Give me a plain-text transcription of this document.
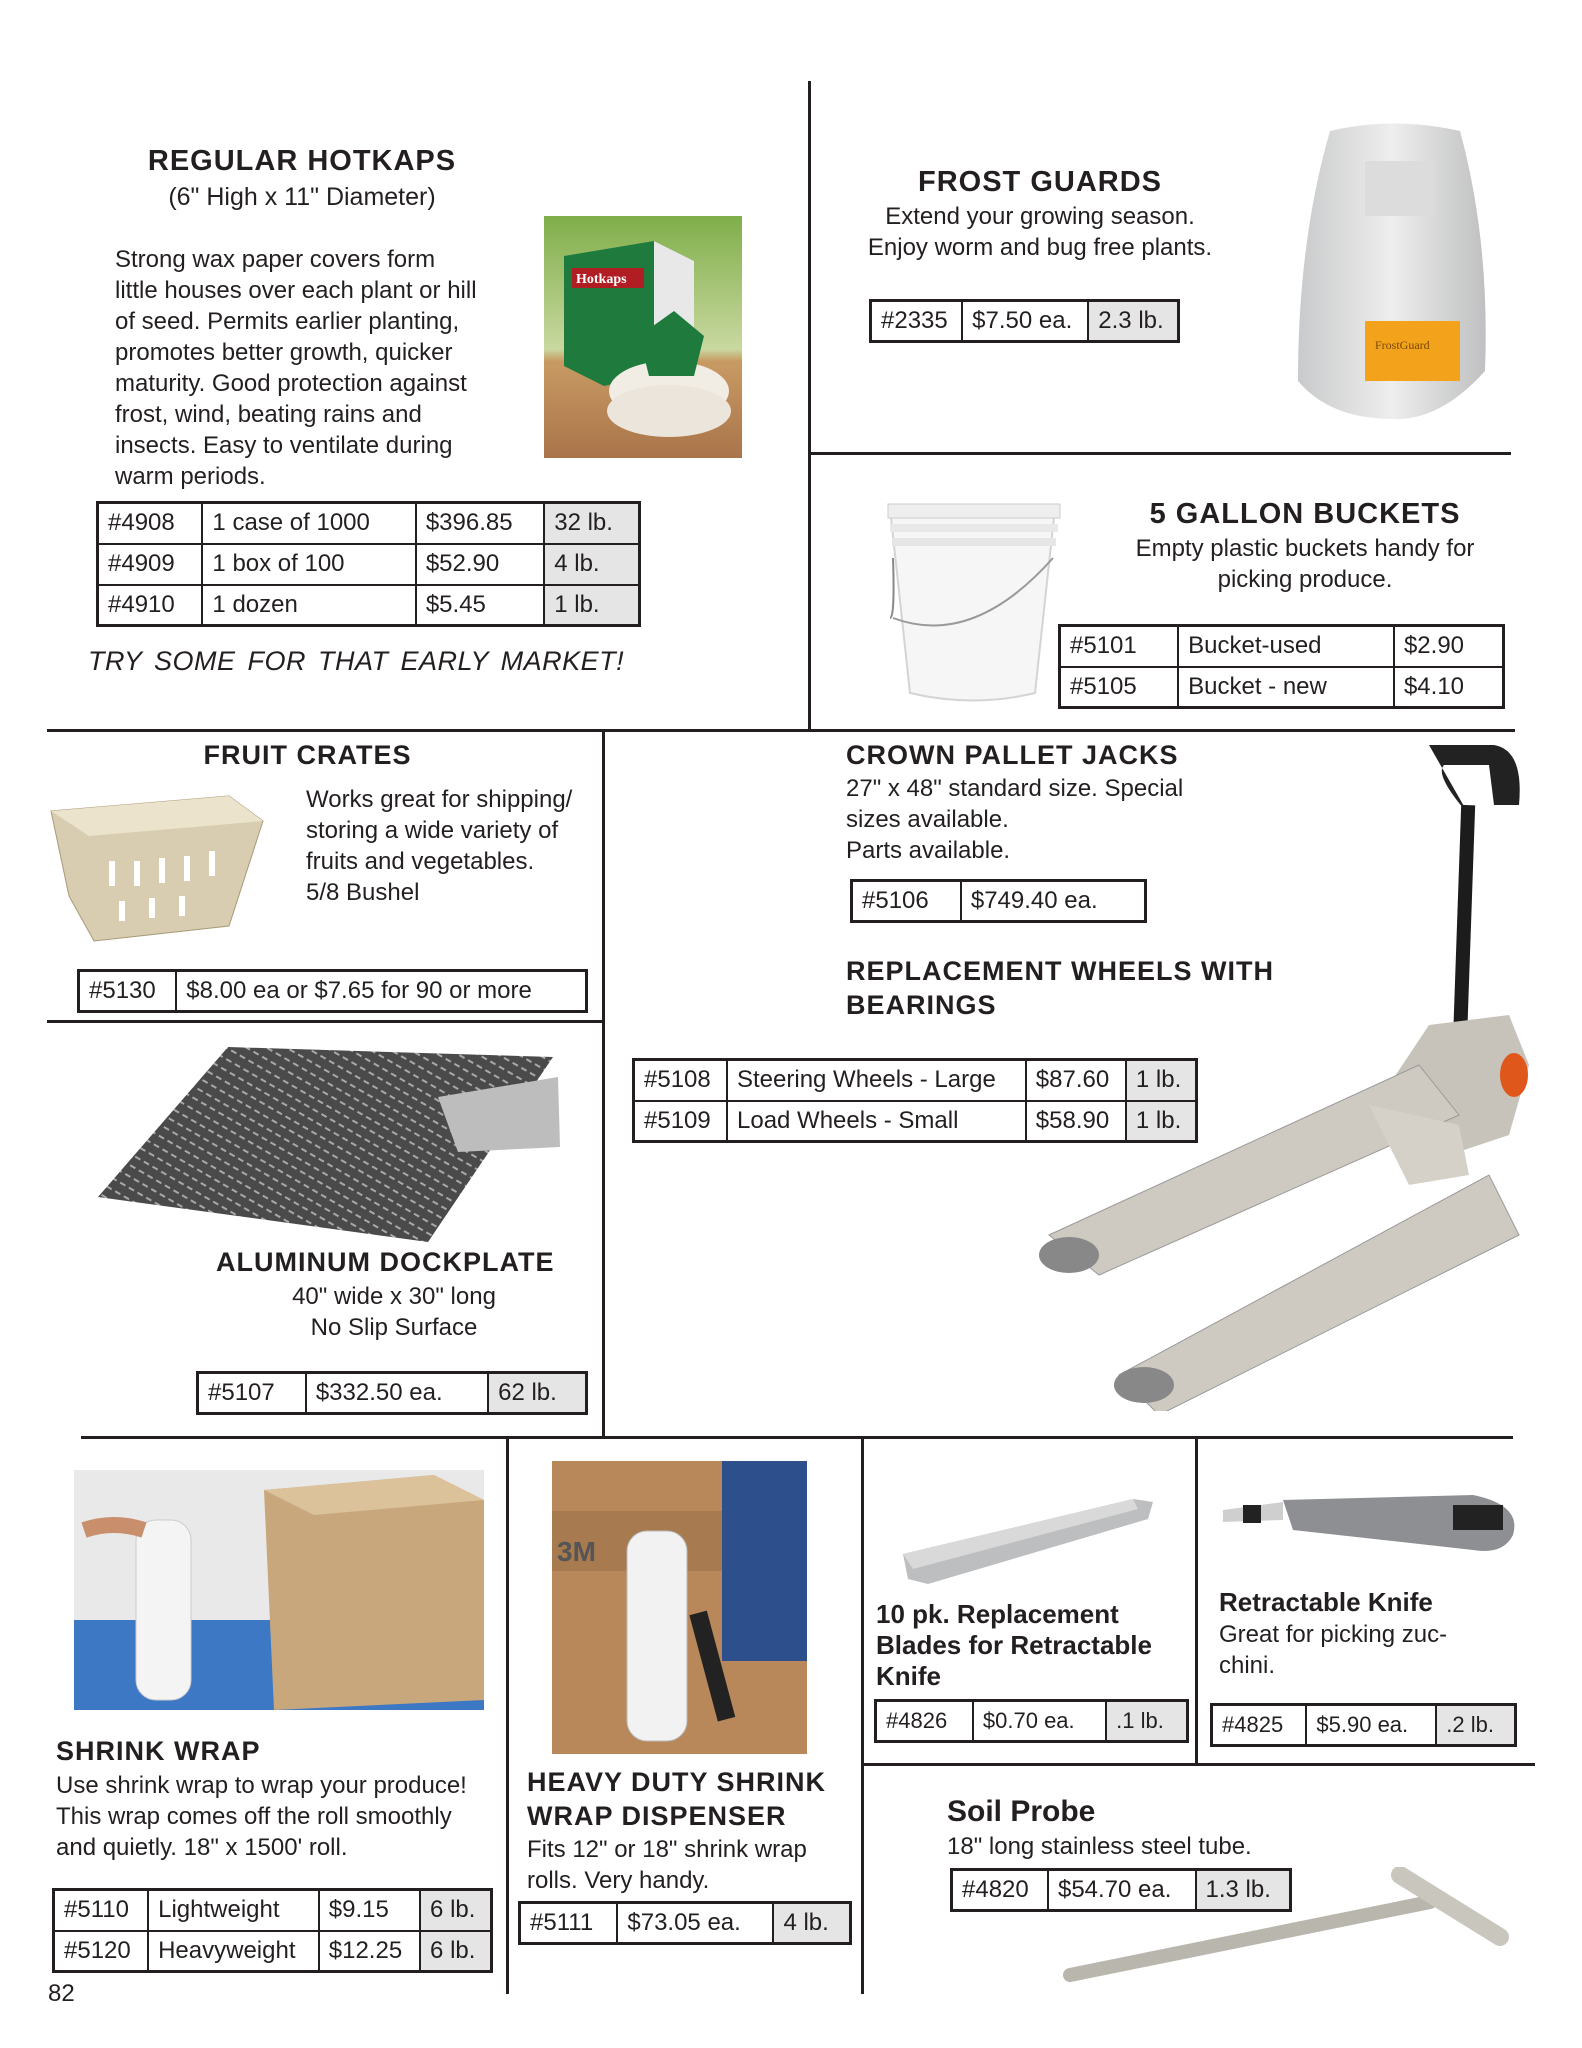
REGULAR HOTKAPS
(6" High x 11" Diameter)
Strong wax paper covers form
little houses over each plant or hill
of seed. Permits earlier planting,
promotes better growth, quicker
maturity. Good protection against
frost, wind, beating rains and
insects. Easy to ventilate during
warm periods.
Hotkaps
#4908	1 case of 1000	$396.85	32 lb.
#4909	1 box of 100	$52.90	4 lb.
#4910	1 dozen	$5.45	1 lb.
TRY SOME FOR THAT EARLY MARKET!
FROST GUARDS
Extend your growing season.
Enjoy worm and bug free plants.
#2335	$7.50 ea.	2.3 lb.
FrostGuard
5 GALLON BUCKETS
Empty plastic buckets handy for
picking produce.
#5101	Bucket-used	$2.90
#5105	Bucket - new	$4.10
FRUIT CRATES
Works great for shipping/
storing a wide variety of
fruits and vegetables.
5/8 Bushel
#5130	$8.00 ea or $7.65 for 90 or more
CROWN PALLET JACKS
27" x 48" standard size. Special
sizes available.
Parts available.
#5106	$749.40 ea.
REPLACEMENT WHEELS WITH
BEARINGS
#5108	Steering Wheels - Large	$87.60	1 lb.
#5109	Load Wheels - Small	$58.90	1 lb.
ALUMINUM DOCKPLATE
40" wide x 30" long
No Slip Surface
#5107	$332.50 ea.	62 lb.
SHRINK WRAP
Use shrink wrap to wrap your produce!
This wrap comes off the roll smoothly
and quietly. 18" x 1500' roll.
#5110	Lightweight	$9.15	6 lb.
#5120	Heavyweight	$12.25	6 lb.
82
3M
HEAVY DUTY SHRINK
WRAP DISPENSER
Fits 12" or 18" shrink wrap
rolls. Very handy.
#5111	$73.05 ea.	4 lb.
10 pk. Replacement
Blades for Retractable
Knife
#4826	$0.70 ea.	.1 lb.
Retractable Knife
Great for picking zuc-
chini.
#4825	$5.90 ea.	.2 lb.
Soil Probe
18" long stainless steel tube.
#4820	$54.70 ea.	1.3 lb.
